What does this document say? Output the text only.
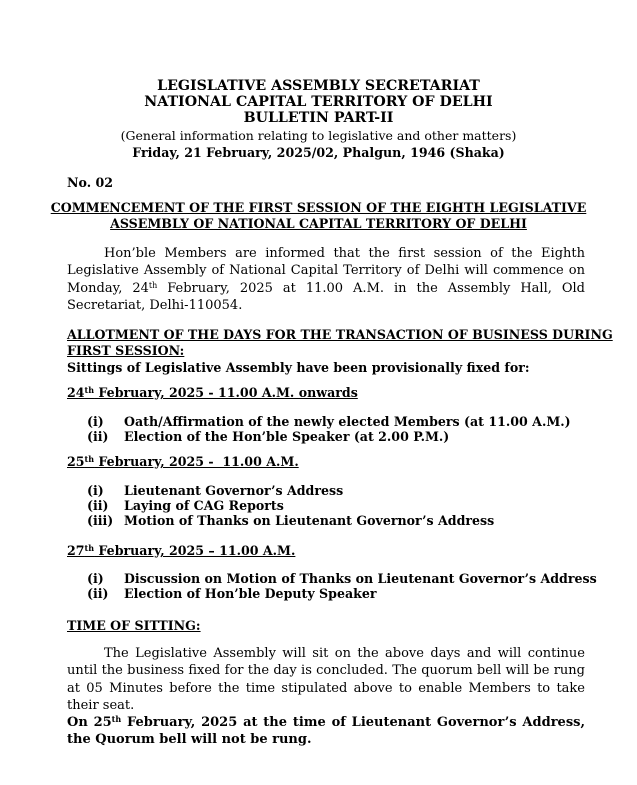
LEGISLATIVE ASSEMBLY SECRETARIAT
NATIONAL CAPITAL TERRITORY OF DELHI
BULLETIN PART-II
(General information relating to legislative and other matters)
Friday, 21 February, 2025/02, Phalgun, 1946 (Shaka)
No. 02
COMMENCEMENT OF THE FIRST SESSION OF THE EIGHTH LEGISLATIVE
ASSEMBLY OF NATIONAL CAPITAL TERRITORY OF DELHI

Hon’ble Members are informed that the first session of the Eighth Legislative Assembly of National Capital Territory of Delhi will commence on Monday, 24th February, 2025 at 11.00 A.M. in the Assembly Hall, Old Secretariat, Delhi-110054.

ALLOTMENT OF THE DAYS FOR THE TRANSACTION OF BUSINESS DURING
FIRST SESSION:
Sittings of Legislative Assembly have been provisionally fixed for:
24th February, 2025 - 11.00 A.M. onwards
(i) Oath/Affirmation of the newly elected Members (at 11.00 A.M.)
(ii) Election of the Hon’ble Speaker (at 2.00 P.M.)
25th February, 2025 -  11.00 A.M.
(i) Lieutenant Governor’s Address
(ii) Laying of CAG Reports
(iii) Motion of Thanks on Lieutenant Governor’s Address
27th February, 2025 – 11.00 A.M.
(i) Discussion on Motion of Thanks on Lieutenant Governor’s Address
(ii) Election of Hon’ble Deputy Speaker
TIME OF SITTING:

The Legislative Assembly will sit on the above days and will continue until the business fixed for the day is concluded. The quorum bell will be rung at 05 Minutes before the time stipulated above to enable Members to take their seat.

On 25th February, 2025 at the time of Lieutenant Governor’s Address, the Quorum bell will not be rung.
